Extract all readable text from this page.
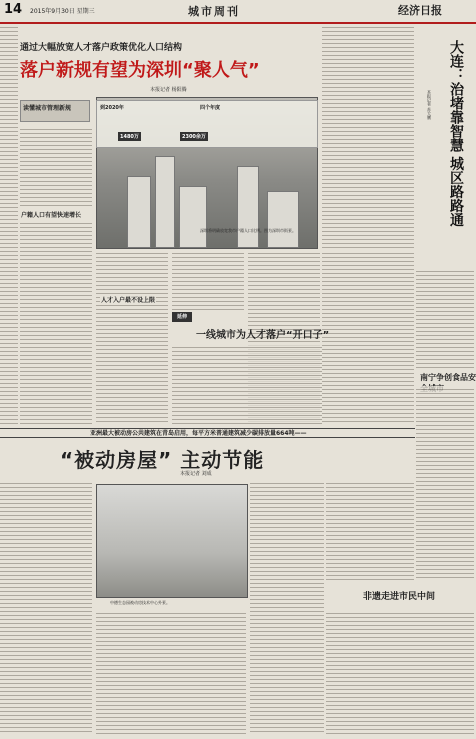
14 2015年9月30日 星期三	城市周刊	经济日报
通过大幅放宽人才落户政策优化人口结构
落户新规有望为深圳“聚人气”
本报记者 杨阳腾
读懂城市管理新规
户籍人口有望快速增长
到2020年	四个年度
1480万	2300余万
深圳将明确放宽我市户籍人口比例。图为深圳市街景。
人才入户最不设上限
延伸
一线城市为人才落户“开口子”
大连：治堵靠智慧 城区路路通
本报记者 苏大鹏
南宁争创食品安
亚洲最大被动房公共建筑在青岛启用，每平方米普通建筑减少碳排放量664吨——
“被动房屋” 主动节能
本报记者 刘成
中德生态园被动房技术中心外景。
非遗走进市民中间
